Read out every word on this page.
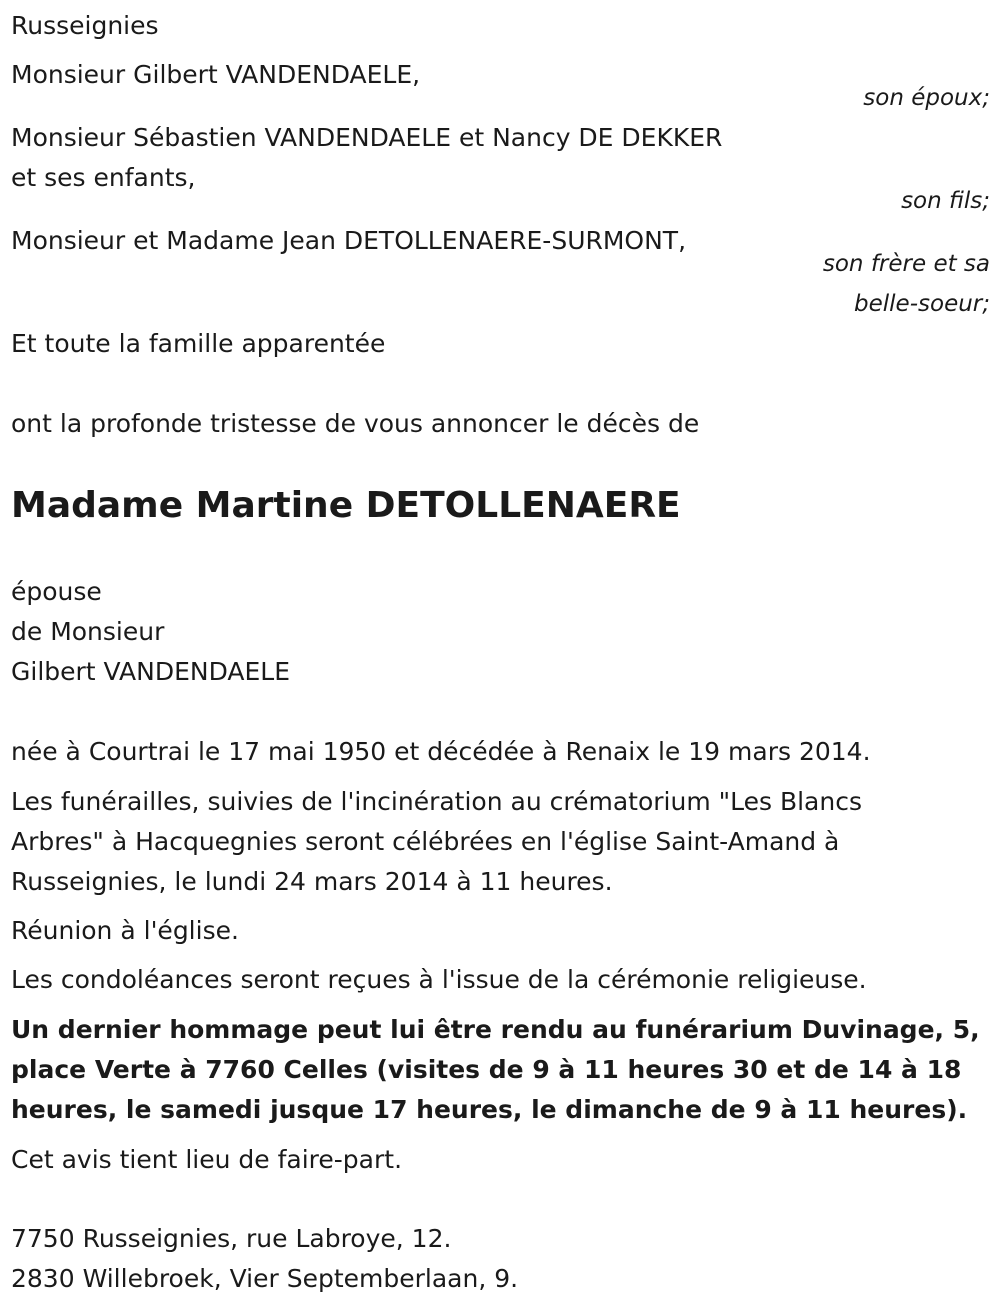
Russeignies
Monsieur Gilbert VANDENDAELE,
son époux;
Monsieur Sébastien VANDENDAELE et Nancy DE DEKKER
et ses enfants,
son fils;
Monsieur et Madame Jean DETOLLENAERE-SURMONT,
son frère et sa
belle-soeur;
Et toute la famille apparentée
ont la profonde tristesse de vous annoncer le décès de
Madame Martine DETOLLENAERE
épouse
de Monsieur
Gilbert VANDENDAELE
née à Courtrai le 17 mai 1950 et décédée à Renaix le 19 mars 2014.
Les funérailles, suivies de l'incinération au crématorium "Les Blancs
Arbres" à Hacquegnies seront célébrées en l'église Saint-Amand à
Russeignies, le lundi 24 mars 2014 à 11 heures.
Réunion à l'église.
Les condoléances seront reçues à l'issue de la cérémonie religieuse.
Un dernier hommage peut lui être rendu au funérarium Duvinage, 5,
place Verte à 7760 Celles (visites de 9 à 11 heures 30 et de 14 à 18
heures, le samedi jusque 17 heures, le dimanche de 9 à 11 heures).
Cet avis tient lieu de faire-part.
7750 Russeignies, rue Labroye, 12.
2830 Willebroek, Vier Septemberlaan, 9.
